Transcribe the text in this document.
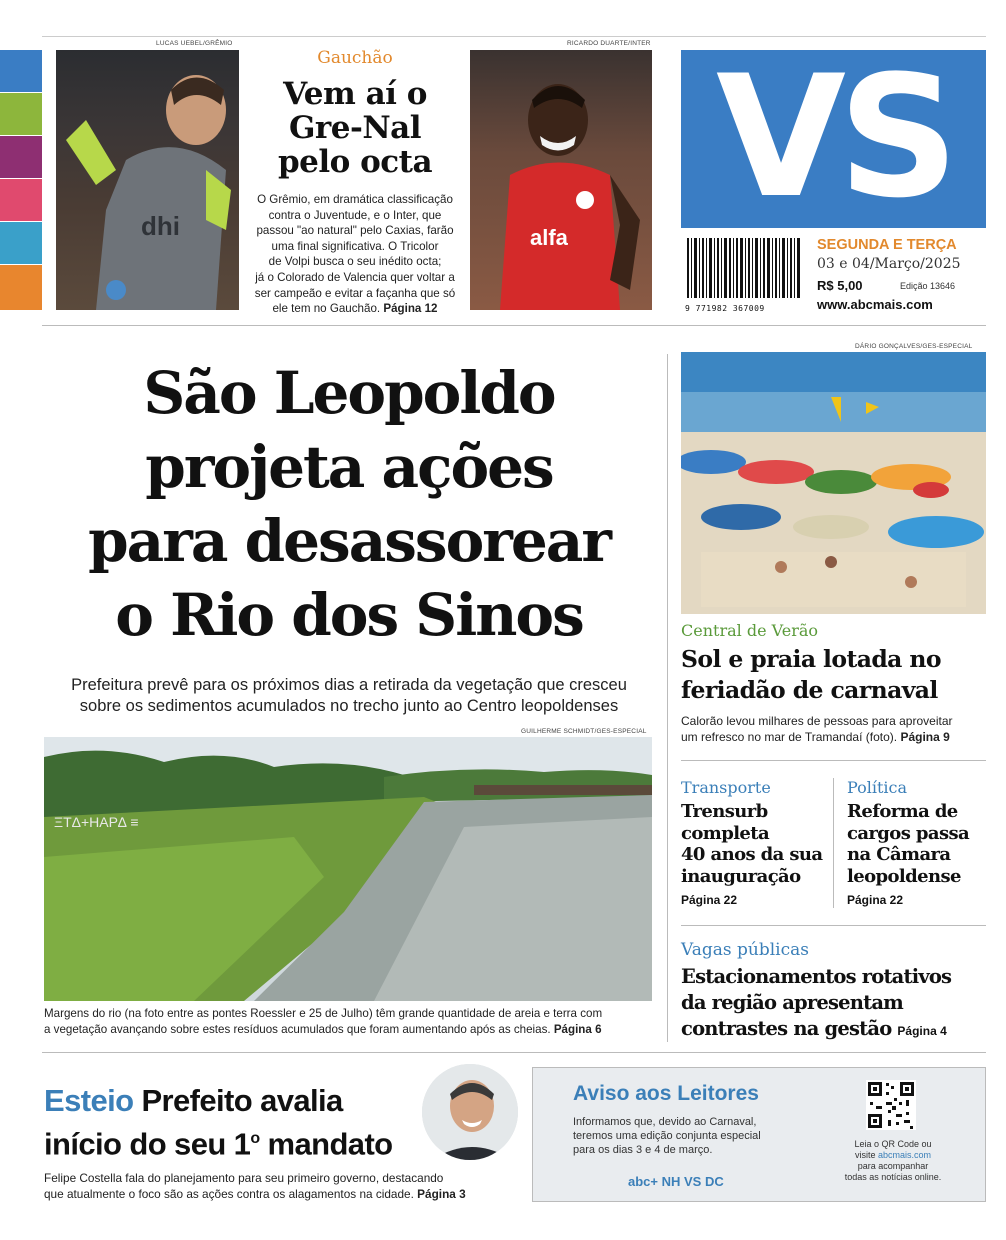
LUCAS UEBEL/GRÊMIO
dhi
Gauchão
Vem aí o
Gre-Nal
pelo octa
O Grêmio, em dramática classificação
contra o Juventude, e o Inter, que
passou "ao natural" pelo Caxias, farão
uma final significativa. O Tricolor
de Volpi busca o seu inédito octa;
já o Colorado de Valencia quer voltar a
ser campeão e evitar a façanha que só
ele tem no Gauchão. Página 12
RICARDO DUARTE/INTER
alfa
VS
9 771982 367009
SEGUNDA E TERÇA
03 e 04/Março/2025
R$ 5,00	Edição 13646
www.abcmais.com
São Leopoldo
projeta ações
para desassorear
o Rio dos Sinos
Prefeitura prevê para os próximos dias a retirada da vegetação que cresceu
sobre os sedimentos acumulados no trecho junto ao Centro leopoldenses
GUILHERME SCHMIDT/GES-ESPECIAL
ΞTΔ+HAP∆ ≡
Margens do rio (na foto entre as pontes Roessler e 25 de Julho) têm grande quantidade de areia e terra com
a vegetação avançando sobre estes resíduos acumulados que foram aumentando após as cheias. Página 6
DÁRIO GONÇALVES/GES-ESPECIAL
Central de Verão
Sol e praia lotada no
feriadão de carnaval
Calorão levou milhares de pessoas para aproveitar
um refresco no mar de Tramandaí (foto). Página 9
Transporte
Trensurb
completa
40 anos da sua
inauguração
Página 22
Política
Reforma de
cargos passa
na Câmara
leopoldense
Página 22
Vagas públicas
Estacionamentos rotativos
da região apresentam
contrastes na gestão Página 4
Esteio Prefeito avalia
início do seu 1$^o$ mandato
Felipe Costella fala do planejamento para seu primeiro governo, destacando
que atualmente o foco são as ações contra os alagamentos na cidade. Página 3
Aviso aos Leitores
Informamos que, devido ao Carnaval,
teremos uma edição conjunta especial
para os dias 3 e 4 de março.
abc+ NH VS DC
Leia o QR Code ou
visite abcmais.com
para acompanhar
todas as notícias online.
